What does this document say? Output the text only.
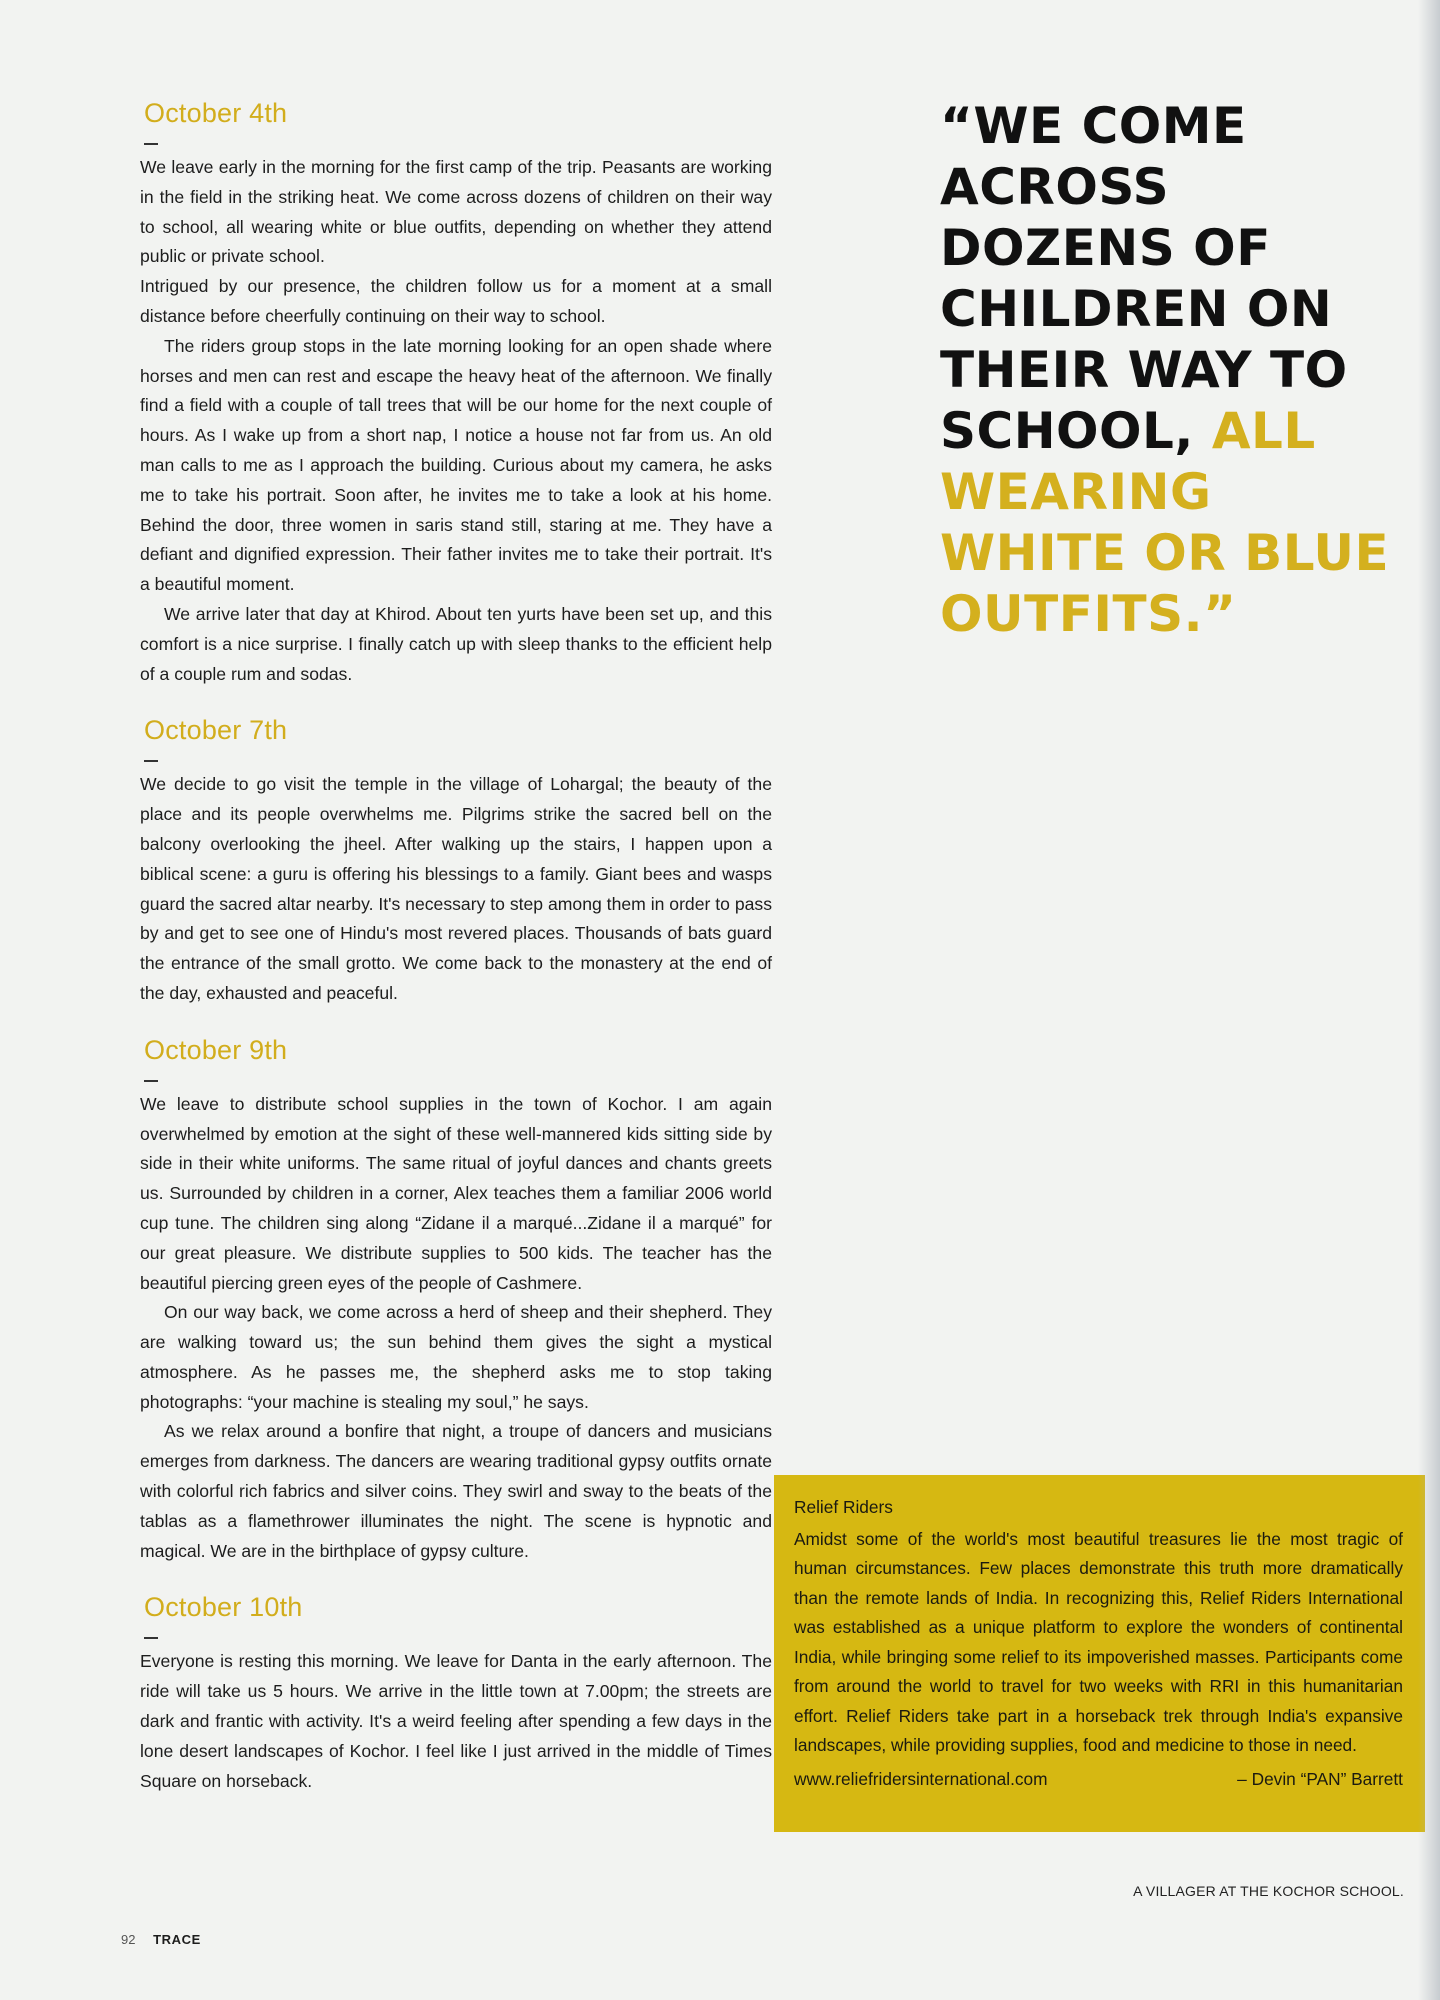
October 4th

We leave early in the morning for the first camp of the trip. Peasants are working in the field in the striking heat. We come across dozens of children on their way to school, all wearing white or blue outfits, depending on whether they attend public or private school.

Intrigued by our presence, the children follow us for a moment at a small distance before cheerfully continuing on their way to school.

The riders group stops in the late morning looking for an open shade where horses and men can rest and escape the heavy heat of the afternoon. We finally find a field with a couple of tall trees that will be our home for the next couple of hours. As I wake up from a short nap, I notice a house not far from us. An old man calls to me as I approach the building. Curious about my camera, he asks me to take his portrait. Soon after, he invites me to take a look at his home. Behind the door, three women in saris stand still, staring at me. They have a defiant and dignified expression. Their father invites me to take their portrait. It's a beautiful moment.

We arrive later that day at Khirod. About ten yurts have been set up, and this comfort is a nice surprise. I finally catch up with sleep thanks to the efficient help of a couple rum and sodas.

October 7th

We decide to go visit the temple in the village of Lohargal; the beauty of the place and its people overwhelms me. Pilgrims strike the sacred bell on the balcony overlooking the jheel. After walking up the stairs, I happen upon a biblical scene: a guru is offering his blessings to a family. Giant bees and wasps guard the sacred altar nearby. It's necessary to step among them in order to pass by and get to see one of Hindu's most revered places. Thousands of bats guard the entrance of the small grotto. We come back to the monastery at the end of the day, exhausted and peaceful.

October 9th

We leave to distribute school supplies in the town of Kochor. I am again overwhelmed by emotion at the sight of these well-mannered kids sitting side by side in their white uniforms. The same ritual of joyful dances and chants greets us. Surrounded by children in a corner, Alex teaches them a familiar 2006 world cup tune. The children sing along “Zidane il a marqué...Zidane il a marqué” for our great pleasure. We distribute supplies to 500 kids. The teacher has the beautiful piercing green eyes of the people of Cashmere.

On our way back, we come across a herd of sheep and their shepherd. They are walking toward us; the sun behind them gives the sight a mystical atmosphere. As he passes me, the shepherd asks me to stop taking photographs: “your machine is stealing my soul,” he says.

As we relax around a bonfire that night, a troupe of dancers and musicians emerges from darkness. The dancers are wearing traditional gypsy outfits ornate with colorful rich fabrics and silver coins. They swirl and sway to the beats of the tablas as a flamethrower illuminates the night. The scene is hypnotic and magical. We are in the birthplace of gypsy culture.

October 10th

Everyone is resting this morning. We leave for Danta in the early afternoon. The ride will take us 5 hours. We arrive in the little town at 7.00pm; the streets are dark and frantic with activity. It's a weird feeling after spending a few days in the lone desert landscapes of Kochor. I feel like I just arrived in the middle of Times Square on horseback.

“WE COME ACROSS DOZENS OF CHILDREN ON THEIR WAY TO SCHOOL, ALL WEARING WHITE OR BLUE OUTFITS.”
Relief Riders

Amidst some of the world's most beautiful treasures lie the most tragic of human circumstances. Few places demonstrate this truth more dramatically than the remote lands of India. In recognizing this, Relief Riders International was established as a unique platform to explore the wonders of continental India, while bringing some relief to its impoverished masses. Participants come from around the world to travel for two weeks with RRI in this humanitarian effort. Relief Riders take part in a horseback trek through India's expansive landscapes, while providing supplies, food and medicine to those in need.

www.reliefridersinternational.com	– Devin “PAN” Barrett
A VILLAGER AT THE KOCHOR SCHOOL.
92 TRACE
